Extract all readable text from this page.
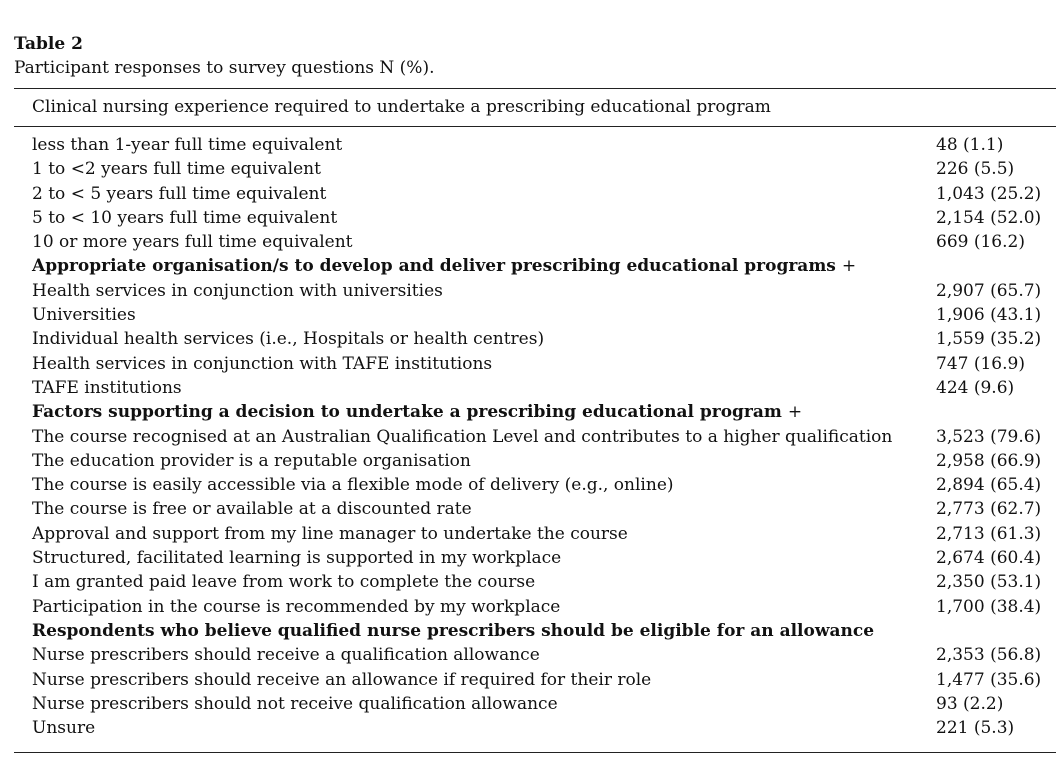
Table 2
Participant responses to survey questions N (%).
Clinical nursing experience required to undertake a prescribing educational program
less than 1-year full time equivalent	48 (1.1)
1 to <2 years full time equivalent	226 (5.5)
2 to < 5 years full time equivalent	1,043 (25.2)
5 to < 10 years full time equivalent	2,154 (52.0)
10 or more years full time equivalent	669 (16.2)
Appropriate organisation/s to develop and deliver prescribing educational programs +
Health services in conjunction with universities	2,907 (65.7)
Universities	1,906 (43.1)
Individual health services (i.e., Hospitals or health centres)	1,559 (35.2)
Health services in conjunction with TAFE institutions	747 (16.9)
TAFE institutions	424 (9.6)
Factors supporting a decision to undertake a prescribing educational program +
The course recognised at an Australian Qualification Level and contributes to a higher qualification	3,523 (79.6)
The education provider is a reputable organisation	2,958 (66.9)
The course is easily accessible via a flexible mode of delivery (e.g., online)	2,894 (65.4)
The course is free or available at a discounted rate	2,773 (62.7)
Approval and support from my line manager to undertake the course	2,713 (61.3)
Structured, facilitated learning is supported in my workplace	2,674 (60.4)
I am granted paid leave from work to complete the course	2,350 (53.1)
Participation in the course is recommended by my workplace	1,700 (38.4)
Respondents who believe qualified nurse prescribers should be eligible for an allowance
Nurse prescribers should receive a qualification allowance	2,353 (56.8)
Nurse prescribers should receive an allowance if required for their role	1,477 (35.6)
Nurse prescribers should not receive qualification allowance	93 (2.2)
Unsure	221 (5.3)
